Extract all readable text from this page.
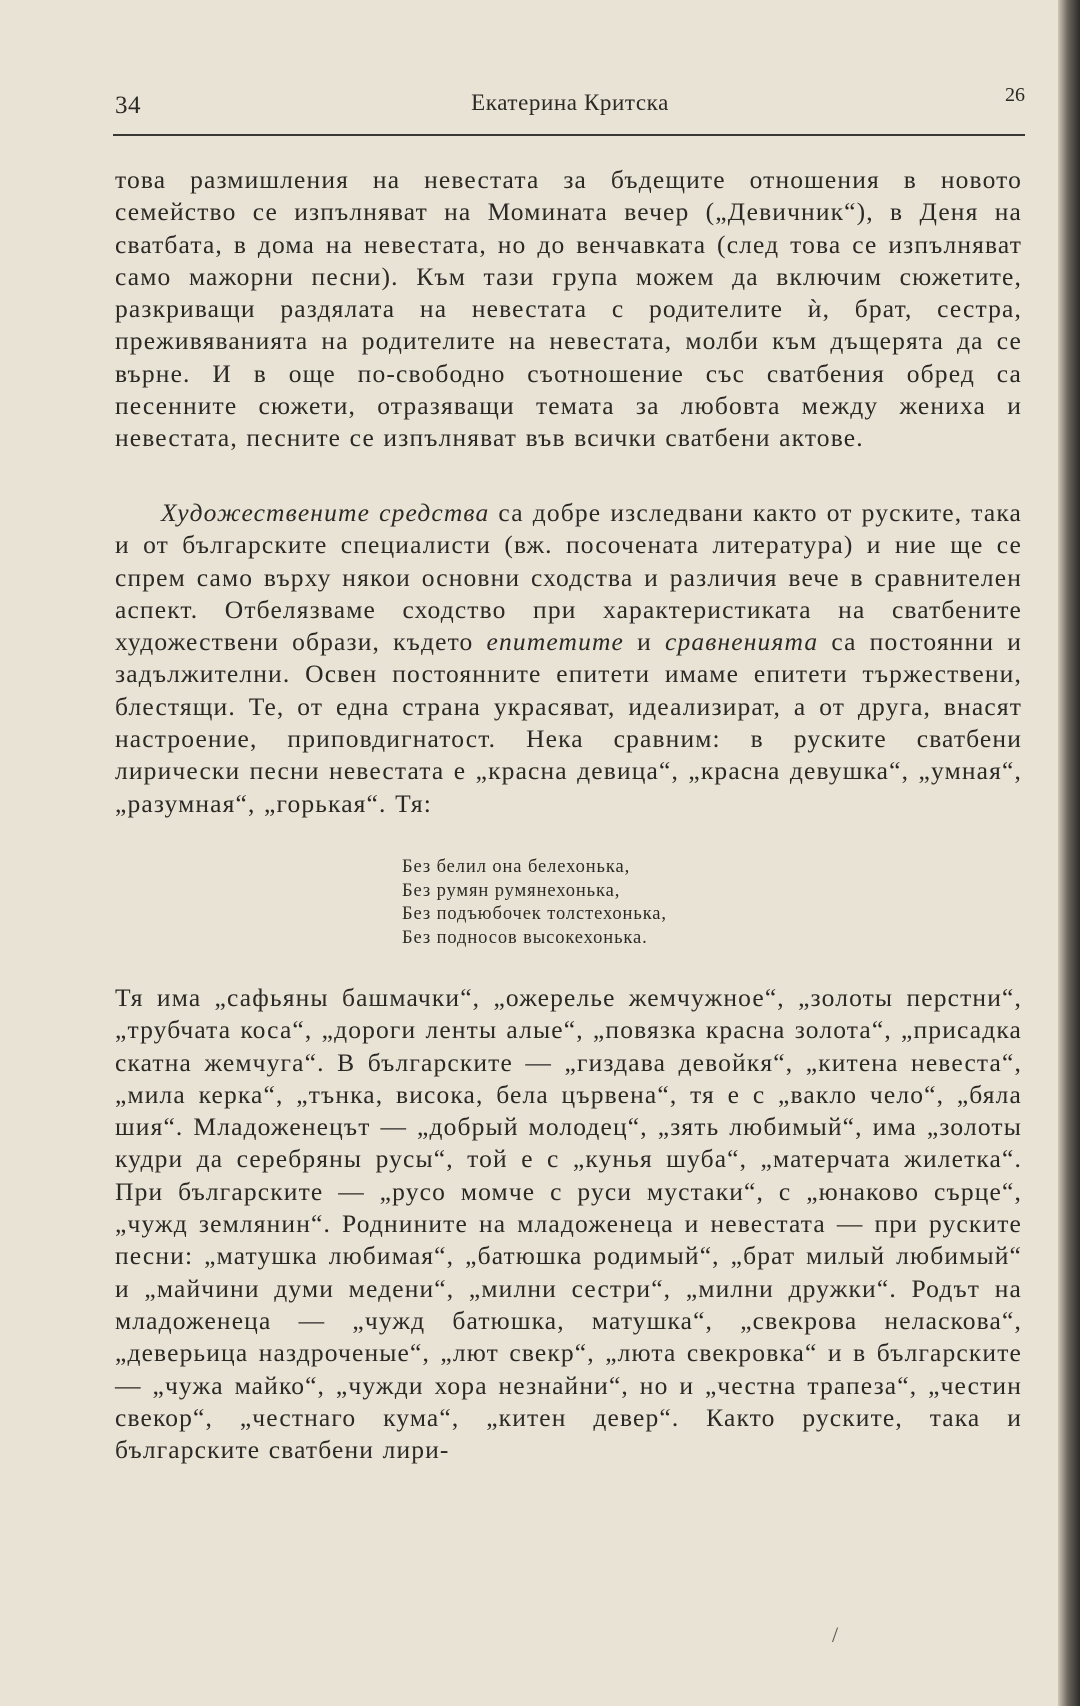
34	Екатерина Критска	26

това размишления на невестата за бъдещите отношения в новото семейство се изпълняват на Момината вечер („Девичник“), в Деня на сватбата, в дома на невестата, но до венчавката (след това се изпълняват само мажорни песни). Към тази група можем да включим сюжетите, разкриващи раздялата на невестата с родителите ѝ, брат, сестра, преживяванията на родителите на невестата, молби към дъщерята да се върне. И в още по-свободно съотношение със сватбения обред са песенните сюжети, отразяващи темата за любовта между жениха и невестата, песните се изпълняват във всички сватбени актове.

Художествените средства са добре изследвани както от руските, така и от българските специалисти (вж. посочената литература) и ние ще се спрем само върху някои основни сходства и различия вече в сравнителен аспект. Отбелязваме сходство при характеристиката на сватбените художествени образи, където епитетите и сравненията са постоянни и задължителни. Освен постоянните епитети имаме епитети тържествени, блестящи. Те, от една страна украсяват, идеализират, а от друга, внасят настроение, приповдигнатост. Нека сравним: в руските сватбени лирически песни невестата е „красна девица“, „красна девушка“, „умная“, „разумная“, „горькая“. Тя:

Без белил она белехонька,
Без румян румянехонька,
Без подъюбочек толстехонька,
Без подносов высокехонька.

Тя има „сафьяны башмачки“, „ожерелье жемчужное“, „золоты перстни“, „трубчата коса“, „дороги ленты алые“, „повязка красна золота“, „присадка скатна жемчуга“. В българските — „гиздава девойкя“, „китена невеста“, „мила керка“, „тънка, висока, бела цървена“, тя е с „вакло чело“, „бяла шия“. Младоженецът — „добрый молодец“, „зять любимый“, има „золоты кудри да серебряны русы“, той е с „кунья шуба“, „матерчата жилетка“. При българските — „русо момче с руси мустаки“, с „юнаково сърце“, „чужд землянин“. Роднините на младоженеца и невестата — при руските песни: „матушка любимая“, „батюшка родимый“, „брат милый любимый“ и „майчини думи медени“, „милни сестри“, „милни дружки“. Родът на младоженеца — „чужд батюшка, матушка“, „свекрова неласкова“, „деверьица наздроченые“, „лют свекр“, „люта свекровка“ и в българските — „чужа майко“, „чужди хора незнайни“, но и „честна трапеза“, „честин свекор“, „честнаго кума“, „китен девер“. Както руските, така и българските сватбени лири-

/
